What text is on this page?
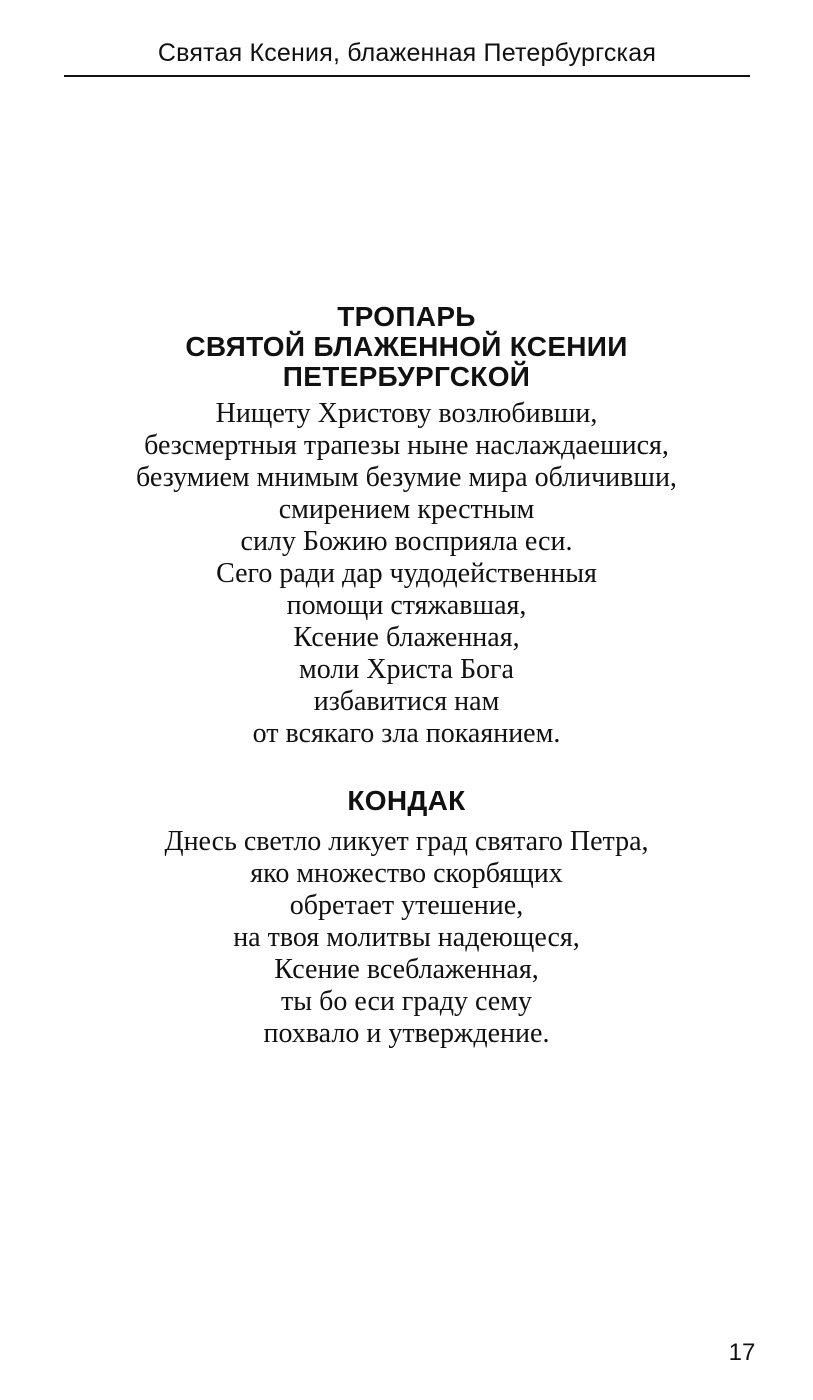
Святая Ксения, блаженная Петербургская
ТРОПАРЬ
СВЯТОЙ БЛАЖЕННОЙ КСЕНИИ
ПЕТЕРБУРГСКОЙ
Нищету Христову возлюбивши,
безсмертныя трапезы ныне наслаждаешися,
безумием мнимым безумие мира обличивши,
смирением крестным
силу Божию восприяла еси.
Сего ради дар чудодейственныя
помощи стяжавшая,
Ксение блаженная,
моли Христа Бога
избавитися нам
от всякаго зла покаянием.
КОНДАК
Днесь светло ликует град святаго Петра,
яко множество скорбящих
обретает утешение,
на твоя молитвы надеющеся,
Ксение всеблаженная,
ты бо еси граду сему
похвало и утверждение.
17
